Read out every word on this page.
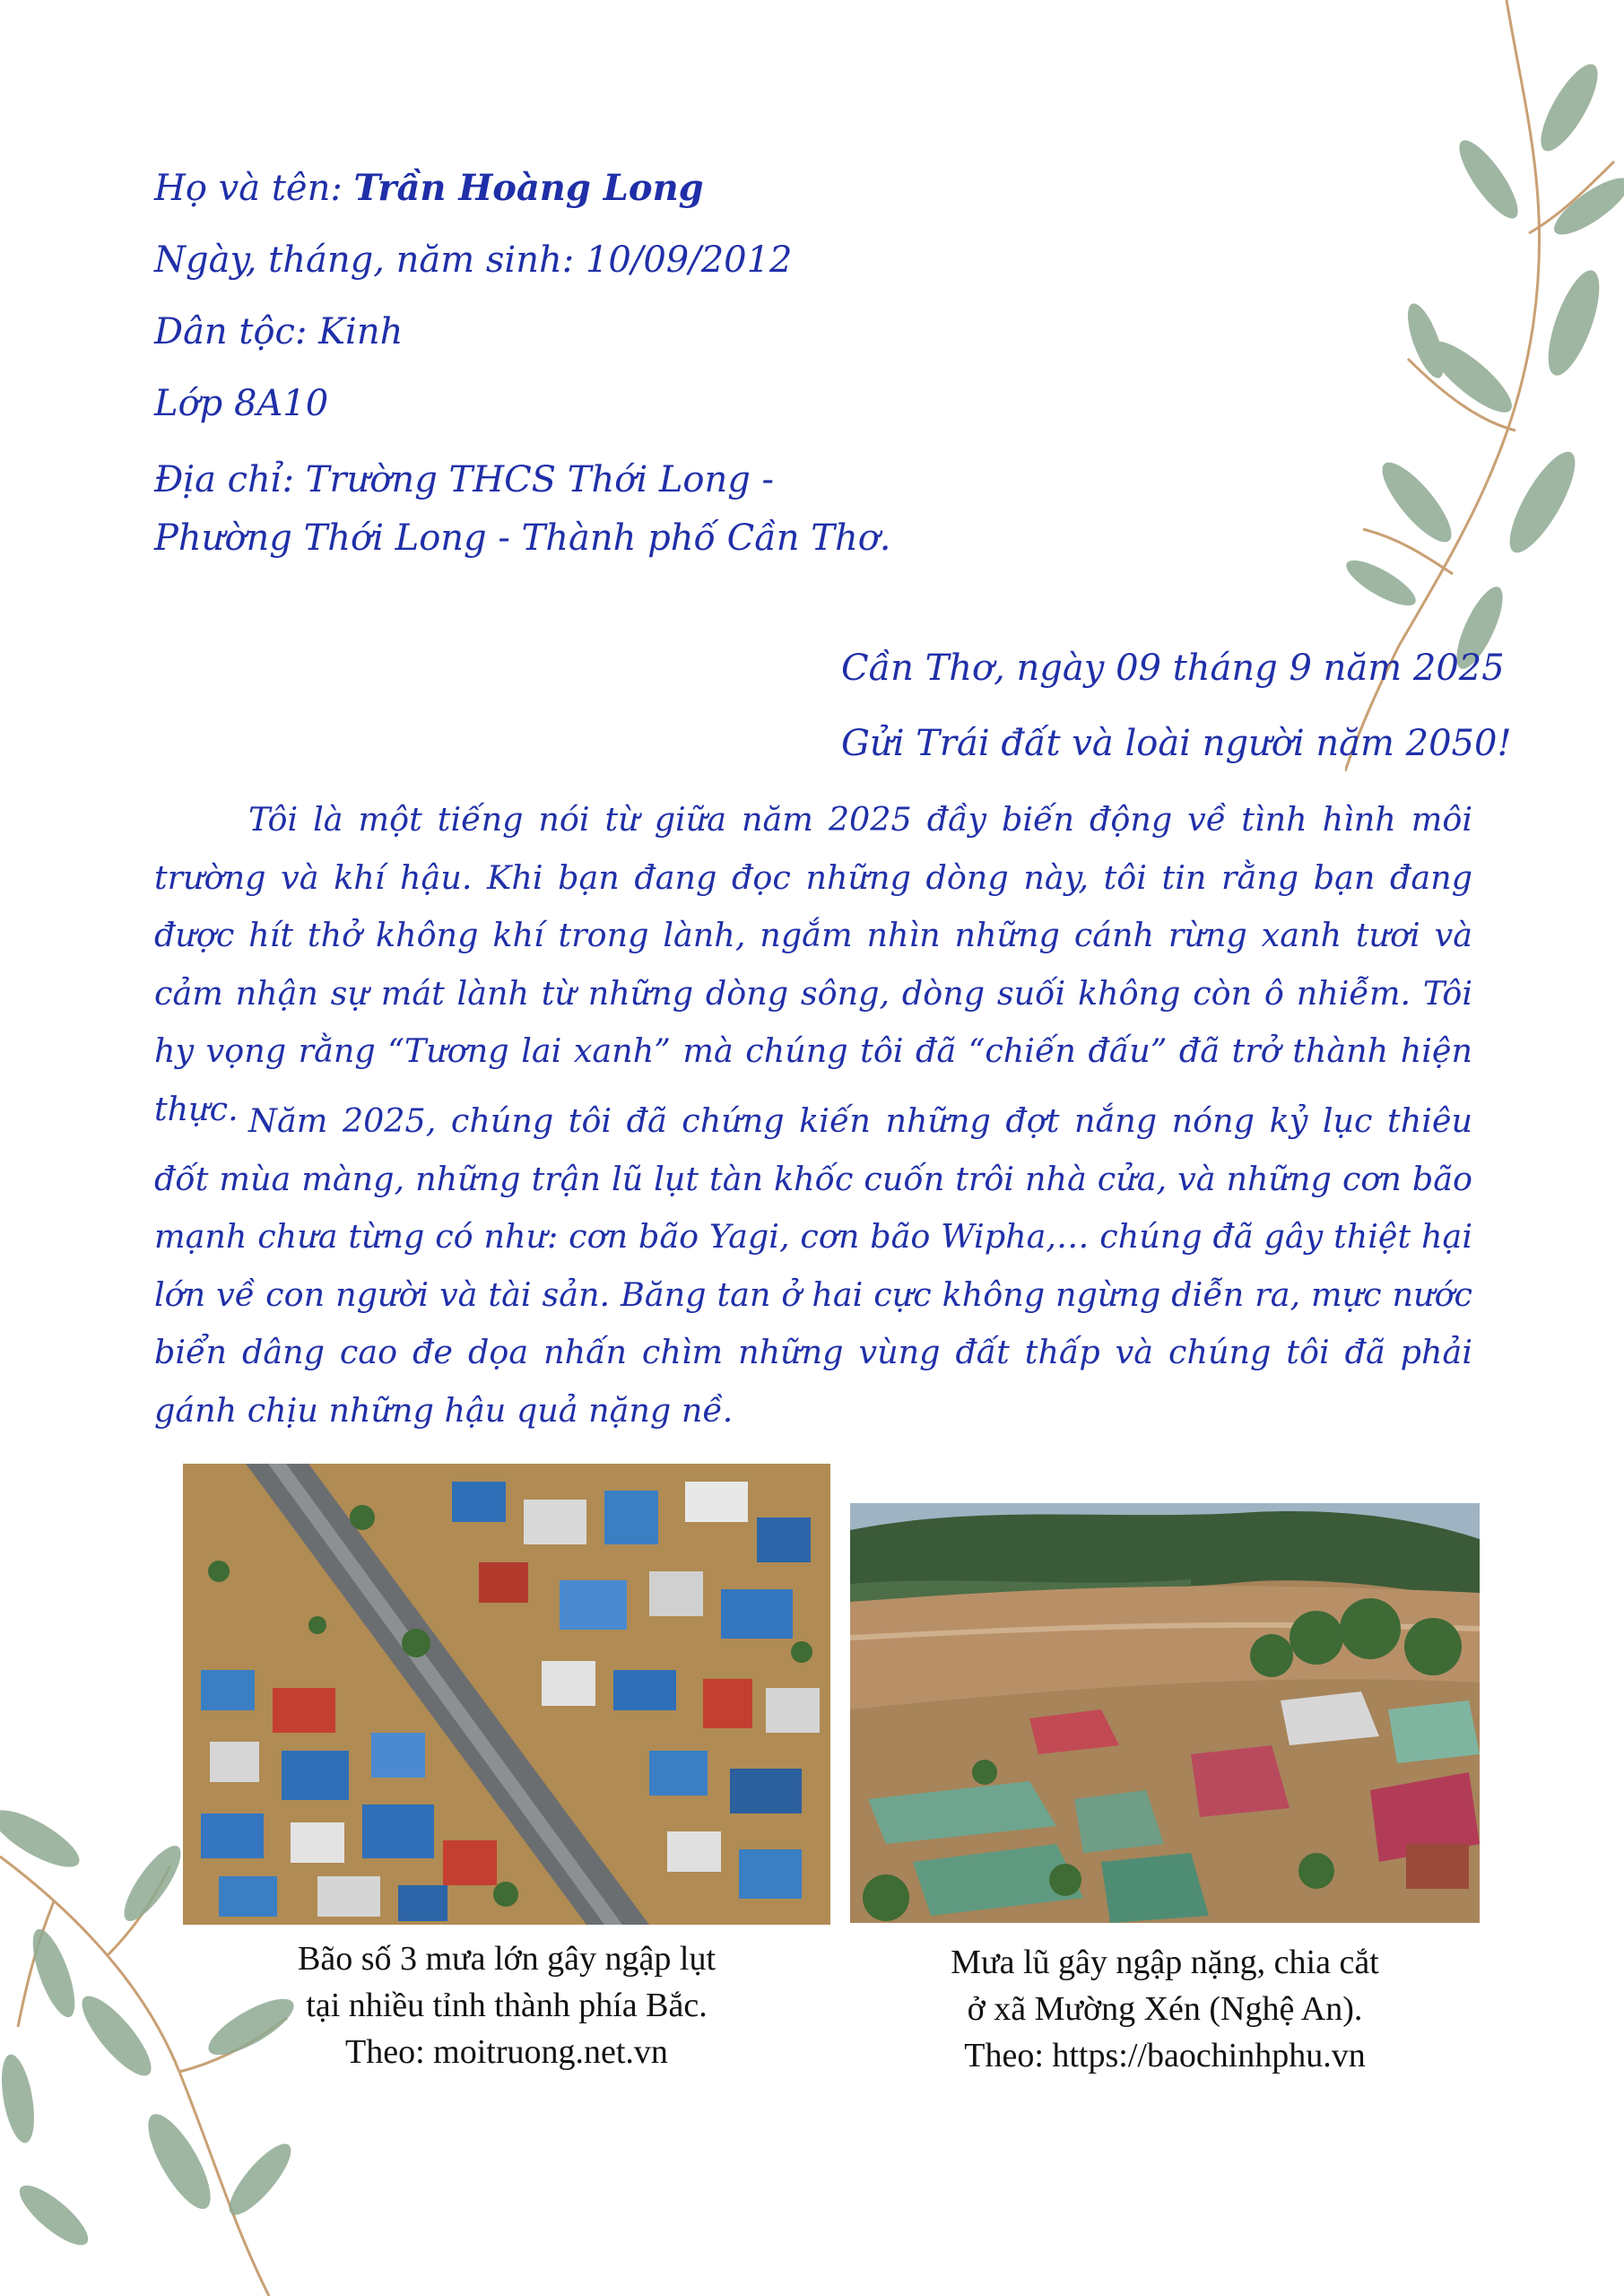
Họ và tên: Trần Hoàng Long
Ngày, tháng, năm sinh: 10/09/2012
Dân tộc: Kinh
Lớp 8A10
Địa chỉ: Trường THCS Thới Long -
Phường Thới Long - Thành phố Cần Thơ.
Cần Thơ, ngày 09 tháng 9 năm 2025
Gửi Trái đất và loài người năm 2050!

Tôi là một tiếng nói từ giữa năm 2025 đầy biến động về tình hình môi trường và khí hậu. Khi bạn đang đọc những dòng này, tôi tin rằng bạn đang được hít thở không khí trong lành, ngắm nhìn những cánh rừng xanh tươi và cảm nhận sự mát lành từ những dòng sông, dòng suối không còn ô nhiễm. Tôi hy vọng rằng “Tương lai xanh” mà chúng tôi đã “chiến đấu” đã trở thành hiện thực. Năm 2025, chúng tôi đã chứng kiến những đợt nắng nóng kỷ lục thiêu đốt mùa màng, những trận lũ lụt tàn khốc cuốn trôi nhà cửa, và những cơn bão mạnh chưa từng có như: cơn bão Yagi, cơn bão Wipha,… chúng đã gây thiệt hại lớn về con người và tài sản. Băng tan ở hai cực không ngừng diễn ra, mực nước biển dâng cao đe dọa nhấn chìm những vùng đất thấp và chúng tôi đã phải gánh chịu những hậu quả nặng nề.

Bão số 3 mưa lớn gây ngập lụt
tại nhiều tỉnh thành phía Bắc.
Theo: moitruong.net.vn
Mưa lũ gây ngập nặng, chia cắt
ở xã Mường Xén (Nghệ An).
Theo: https://baochinhphu.vn
